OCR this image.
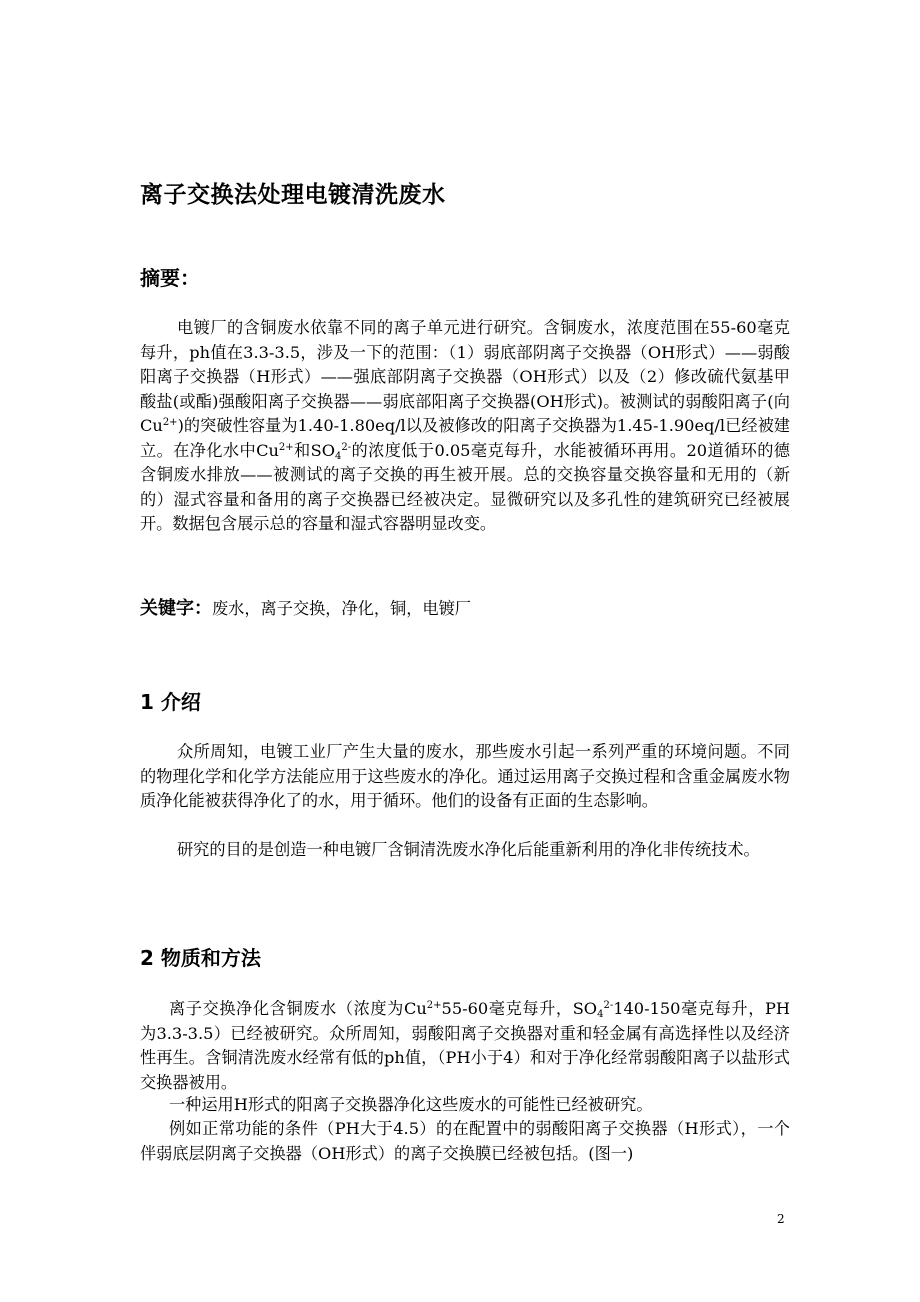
离子交换法处理电镀清洗废水
摘要：

电镀厂的含铜废水依靠不同的离子单元进行研究。含铜废水，浓度范围在55-60毫克每升，ph值在3.3-3.5，涉及一下的范围：（1）弱底部阴离子交换器（OH形式）——弱酸阳离子交换器（H形式）——强底部阴离子交换器（OH形式）以及（2）修改硫代氨基甲酸盐(或酯)强酸阳离子交换器——弱底部阳离子交换器(OH形式)。被测试的弱酸阳离子(向$Cu^{2+}$)的突破性容量为1.40-1.80eq/l以及被修改的阳离子交换器为1.45-1.90eq/l已经被建立。在净化水中$Cu^{2+}$和$SO_4^{2-}$的浓度低于0.05毫克每升，水能被循环再用。20道循环的德含铜废水排放——被测试的离子交换的再生被开展。总的交换容量交换容量和无用的（新的）湿式容量和备用的离子交换器已经被决定。显微研究以及多孔性的建筑研究已经被展开。数据包含展示总的容量和湿式容器明显改变。

关键字：废水，离子交换，净化，铜，电镀厂

1 介绍

众所周知，电镀工业厂产生大量的废水，那些废水引起一系列严重的环境问题。不同的物理化学和化学方法能应用于这些废水的净化。通过运用离子交换过程和含重金属废水物质净化能被获得净化了的水，用于循环。他们的设备有正面的生态影响。

研究的目的是创造一种电镀厂含铜清洗废水净化后能重新利用的净化非传统技术。

2 物质和方法

离子交换净化含铜废水（浓度为$Cu^{2+}55-60$毫克每升，$SO_4^{2-}140-150$毫克每升，PH为3.3-3.5）已经被研究。众所周知，弱酸阳离子交换器对重和轻金属有高选择性以及经济性再生。含铜清洗废水经常有低的ph值，（PH小于4）和对于净化经常弱酸阳离子以盐形式交换器被用。

一种运用H形式的阳离子交换器净化这些废水的可能性已经被研究。

例如正常功能的条件（PH大于4.5）的在配置中的弱酸阳离子交换器（H形式），一个伴弱底层阴离子交换器（OH形式）的离子交换膜已经被包括。(图一)

2
